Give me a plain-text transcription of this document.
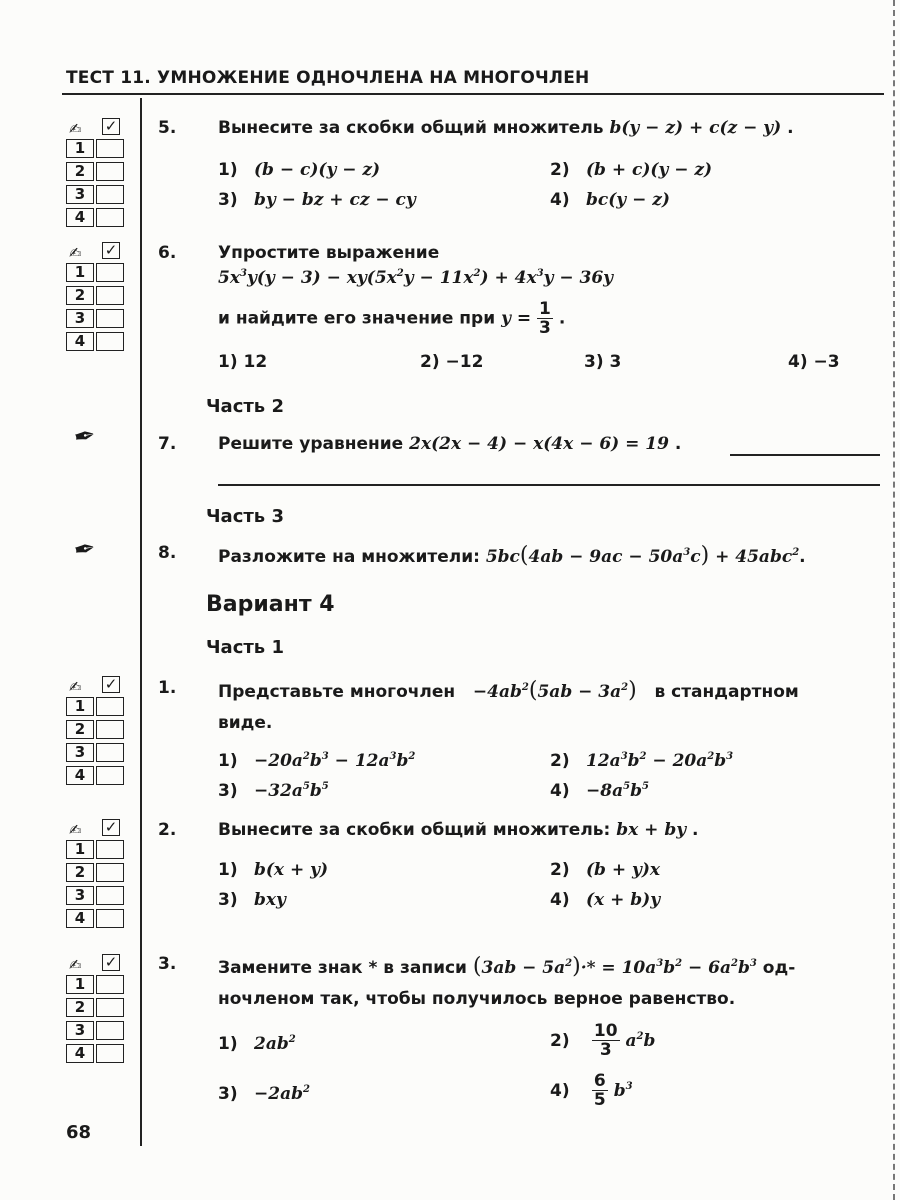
ТЕСТ 11. УМНОЖЕНИЕ ОДНОЧЛЕНА НА МНОГОЧЛЕН
✍ ✓
1
2
3
4
✍ ✓
1
2
3
4
✒
✒
✍ ✓
1
2
3
4
✍ ✓
1
2
3
4
✍ ✓
1
2
3
4
5. Вынесите за скобки общий множитель b(y − z) + c(z − y) .
1) (b − c)(y − z)	2) (b + c)(y − z)
3) by − bz + cz − cy	4) bc(y − z)
6. Упростите выражение
$5x^3y(y - 3) - xy(5x^2y - 11x^2) + 4x^3y - 36y$
и найдите его значение при $y = \frac{1}{3}$ .
1) 12	2) −12	3) 3	4) −3
Часть 2
7. Решите уравнение 2x(2x − 4) − x(4x − 6) = 19 .
Часть 3
8. Разложите на множители: $5bc(4ab - 9ac - 50a^3c) + 45abc^2$.
Вариант 4
Часть 1
1. Представьте многочлен $-4ab^2(5ab - 3a^2)$ в стандартном
виде.
$1) -20a^2b^3 - 12a^3b^2$	2) $12a^3b^2 - 20a^2b^3$
$3) -32a^5b^5$	$4) -8a^5b^5$
2. Вынесите за скобки общий множитель: bx + by .
1) b(x + y)	2) (b + y)x
3) bxy	4) (x + b)y
3. Замените знак * в записи $(3ab - 5a^2)\cdot* = 10a^3b^2 - 6a^2b^3$ од-
ночленом так, чтобы получилось верное равенство.
1) $2ab^2$	$2) \frac{10}{3} a^2b$
$3) -2ab^2$	$4) \frac{6}{5} b^3$
68
